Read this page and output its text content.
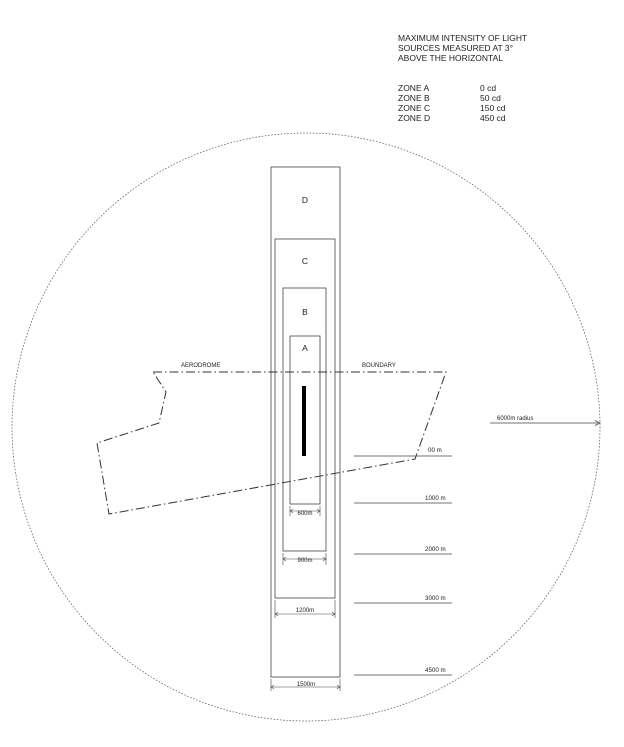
MAXIMUM INTENSITY OF LIGHT
SOURCES MEASURED AT 3°
ABOVE THE HORIZONTAL
ZONE A	0 cd
ZONE B	50 cd
ZONE C	150 cd
ZONE D	450 cd
D
C
B
A
AERODROME	BOUNDARY
6000m radius
00 m
1000 m
2000 m
3000 m
4500 m
600m
900m
1200m
1500m
